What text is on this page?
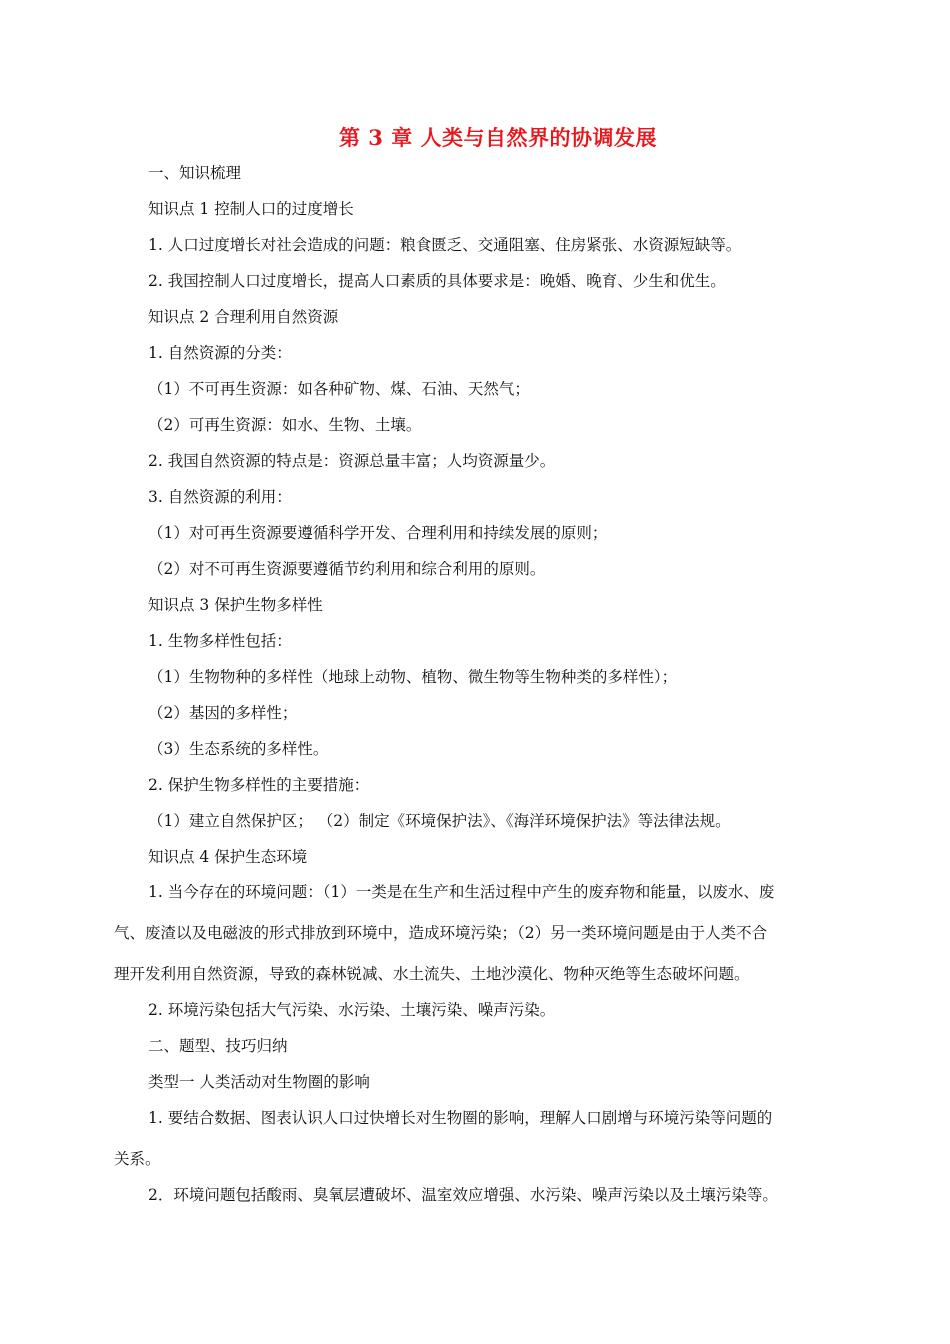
第 3 章 人类与自然界的协调发展
一、知识梳理
知识点 1 控制人口的过度增长
1. 人口过度增长对社会造成的问题：粮食匮乏、交通阻塞、住房紧张、水资源短缺等。
2. 我国控制人口过度增长，提高人口素质的具体要求是：晚婚、晚育、少生和优生。
知识点 2 合理利用自然资源
1. 自然资源的分类：
（1）不可再生资源：如各种矿物、煤、石油、天然气；
（2）可再生资源：如水、生物、土壤。
2. 我国自然资源的特点是：资源总量丰富；人均资源量少。
3. 自然资源的利用：
（1）对可再生资源要遵循科学开发、合理利用和持续发展的原则；
（2）对不可再生资源要遵循节约利用和综合利用的原则。
知识点 3 保护生物多样性
1. 生物多样性包括：
（1）生物物种的多样性（地球上动物、植物、微生物等生物种类的多样性）；
（2）基因的多样性；
（3）生态系统的多样性。
2. 保护生物多样性的主要措施：
（1）建立自然保护区； （2）制定《环境保护法》、《海洋环境保护法》等法律法规。
知识点 4 保护生态环境
1. 当今存在的环境问题：（1）一类是在生产和生活过程中产生的废弃物和能量，以废水、废
气、废渣以及电磁波的形式排放到环境中，造成环境污染；（2）另一类环境问题是由于人类不合
理开发利用自然资源，导致的森林锐减、水土流失、土地沙漠化、物种灭绝等生态破坏问题。
2. 环境污染包括大气污染、水污染、土壤污染、噪声污染。
二、题型、技巧归纳
类型一 人类活动对生物圈的影响
1. 要结合数据、图表认识人口过快增长对生物圈的影响，理解人口剧增与环境污染等问题的
关系。
2．环境问题包括酸雨、臭氧层遭破坏、温室效应增强、水污染、噪声污染以及土壤污染等。
